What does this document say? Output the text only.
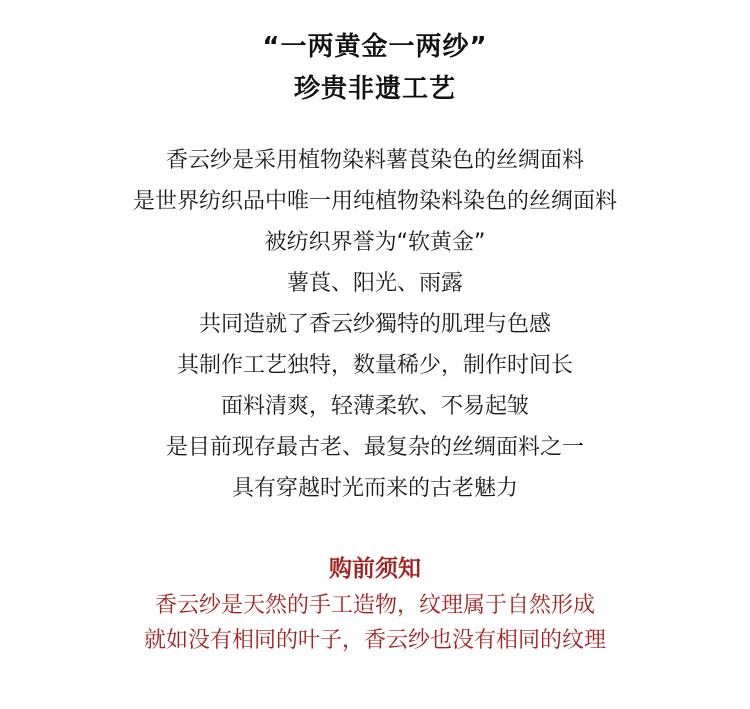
“一两黄金一两纱”
珍贵非遗工艺
香云纱是采用植物染料薯莨染色的丝绸面料
是世界纺织品中唯一用纯植物染料染色的丝绸面料
被纺织界誉为“软黄金”
薯莨、阳光、雨露
共同造就了香云纱獨特的肌理与色感
其制作工艺独特，数量稀少，制作时间长
面料清爽，轻薄柔软、不易起皱
是目前现存最古老、最复杂的丝绸面料之一
具有穿越时光而来的古老魅力
购前须知
香云纱是天然的手工造物，纹理属于自然形成
就如没有相同的叶子，香云纱也没有相同的纹理
